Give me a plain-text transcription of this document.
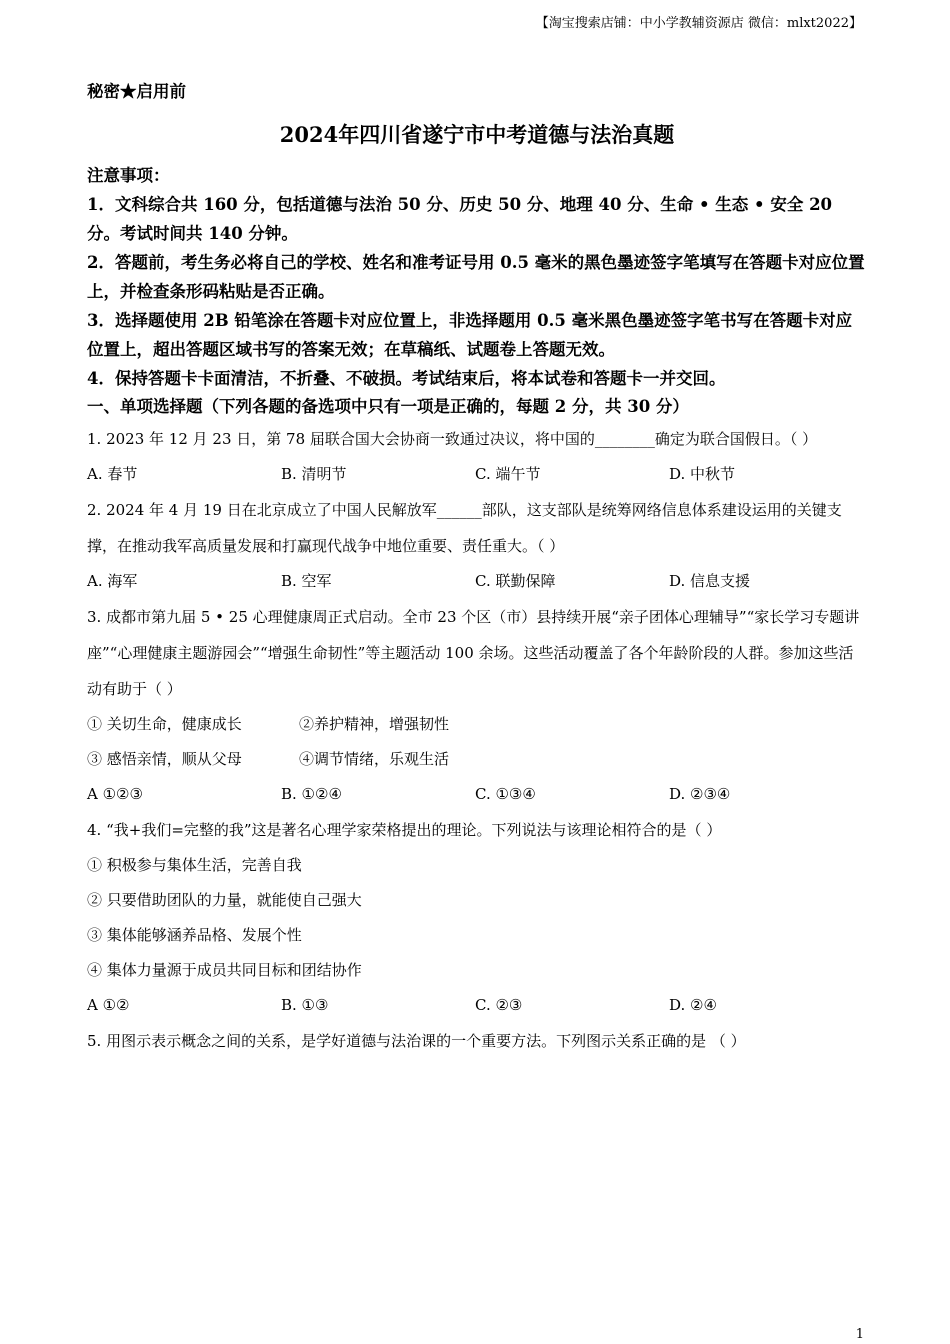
【淘宝搜索店铺：中小学教辅资源店 微信：mlxt2022】
秘密★启用前
2024年四川省遂宁市中考道德与法治真题
注意事项：
1．文科综合共 160 分，包括道德与法治 50 分、历史 50 分、地理 40 分、生命 • 生态 • 安全 20 分。考试时间共 140 分钟。
2．答题前，考生务必将自己的学校、姓名和准考证号用 0.5 毫米的黑色墨迹签字笔填写在答题卡对应位置上，并检查条形码粘贴是否正确。
3．选择题使用 2B 铅笔涂在答题卡对应位置上，非选择题用 0.5 毫米黑色墨迹签字笔书写在答题卡对应位置上，超出答题区域书写的答案无效；在草稿纸、试题卷上答题无效。
4．保持答题卡卡面清洁，不折叠、不破损。考试结束后，将本试卷和答题卡一并交回。
一、单项选择题（下列各题的备选项中只有一项是正确的，每题 2 分，共 30 分）
1. 2023 年 12 月 23 日，第 78 届联合国大会协商一致通过决议，将中国的________确定为联合国假日。（ ）
A. 春节	B. 清明节	C. 端午节	D. 中秋节
2. 2024 年 4 月 19 日在北京成立了中国人民解放军______部队，这支部队是统筹网络信息体系建设运用的关键支撑，在推动我军高质量发展和打赢现代战争中地位重要、责任重大。（ ）
A. 海军	B. 空军	C. 联勤保障	D. 信息支援
3. 成都市第九届 5 • 25 心理健康周正式启动。全市 23 个区（市）县持续开展“亲子团体心理辅导”“家长学习专题讲座”“心理健康主题游园会”“增强生命韧性”等主题活动 100 余场。这些活动覆盖了各个年龄阶段的人群。参加这些活动有助于（ ）
① 关切生命，健康成长	②养护精神，增强韧性
③ 感悟亲情，顺从父母	④调节情绪，乐观生活
A ①②③	B. ①②④	C. ①③④	D. ②③④
4. “我+我们=完整的我”这是著名心理学家荣格提出的理论。下列说法与该理论相符合的是（ ）
① 积极参与集体生活，完善自我
② 只要借助团队的力量，就能使自己强大
③ 集体能够涵养品格、发展个性
④ 集体力量源于成员共同目标和团结协作
A ①②	B. ①③	C. ②③	D. ②④
5. 用图示表示概念之间的关系，是学好道德与法治课的一个重要方法。下列图示关系正确的是 （ ）
1
